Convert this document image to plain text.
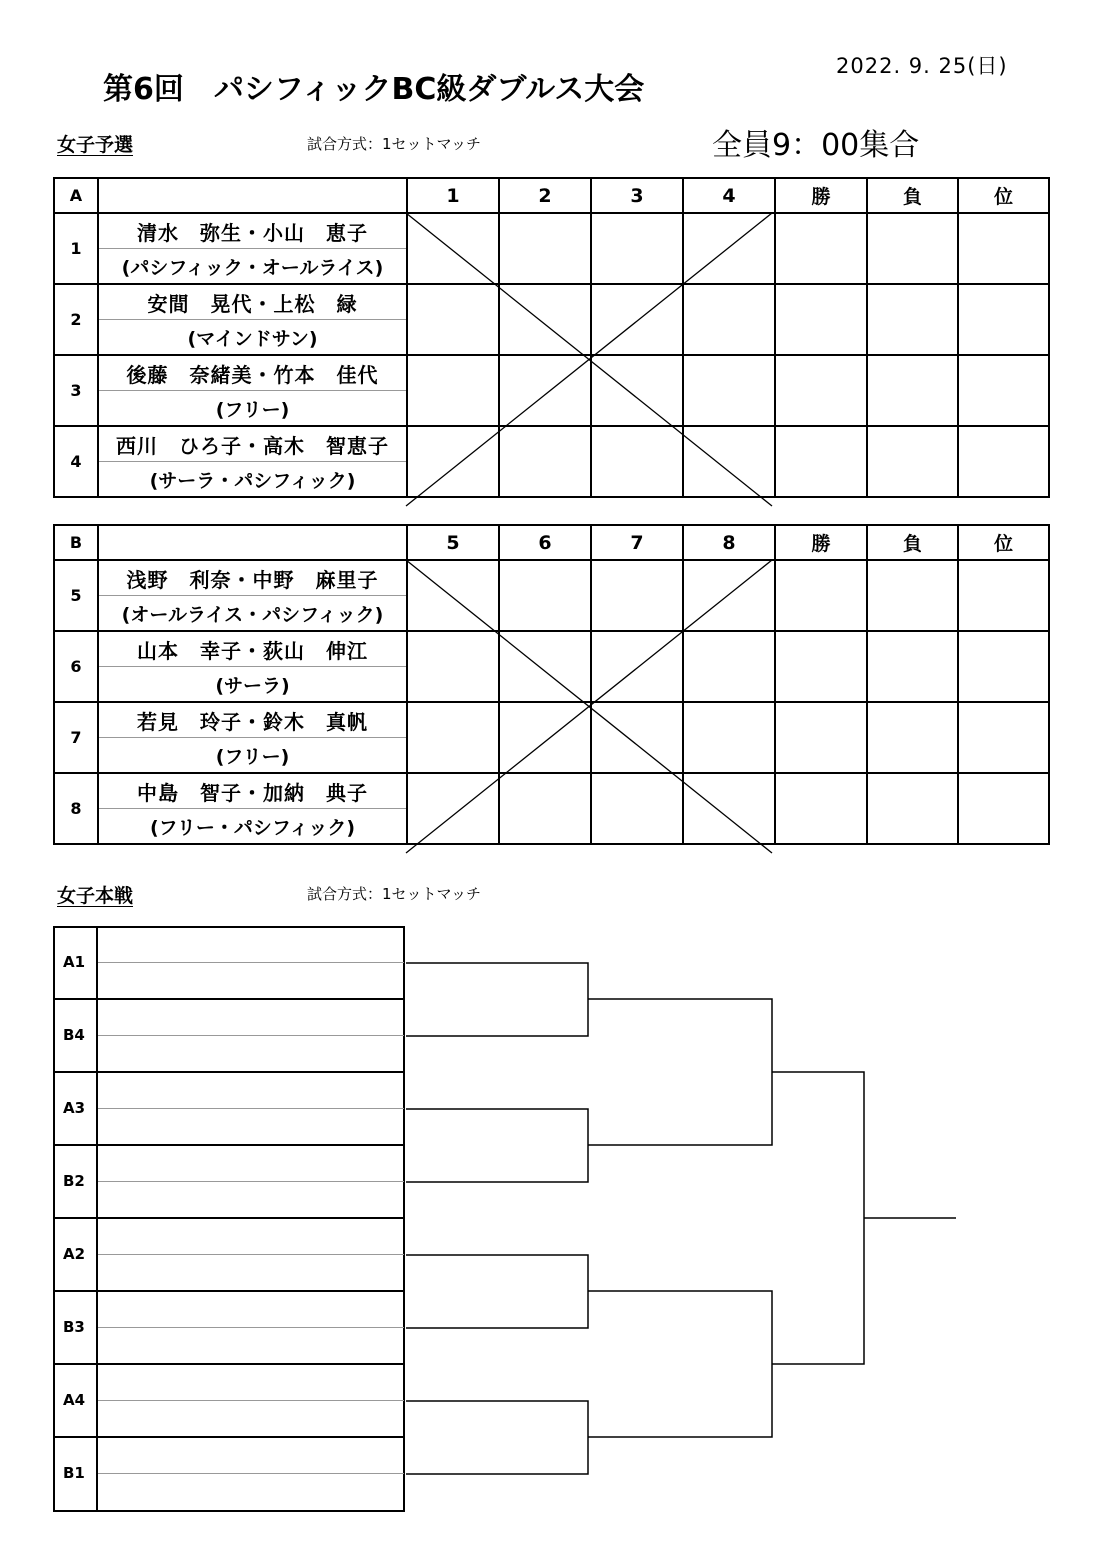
2022. 9. 25(日)
第6回　パシフィックBC級ダブルス大会
女子予選	試合方式：1セットマッチ	全員9：00集合
A		1	2	3	4	勝	負	位
1	清水　弥生・小山　恵子							
	(パシフィック・オールライス)							
2	安間　晃代・上松　緑							
	(マインドサン)							
3	後藤　奈緒美・竹本　佳代							
	(フリー)							
4	西川　ひろ子・高木　智恵子							
	(サーラ・パシフィック)							
B		5	6	7	8	勝	負	位
5	浅野　利奈・中野　麻里子							
	(オールライス・パシフィック)							
6	山本　幸子・荻山　伸江							
	(サーラ)							
7	若見　玲子・鈴木　真帆							
	(フリー)							
8	中島　智子・加納　典子							
	(フリー・パシフィック)							
女子本戦	試合方式：1セットマッチ
A1
B4
A3
B2
A2
B3
A4
B1
